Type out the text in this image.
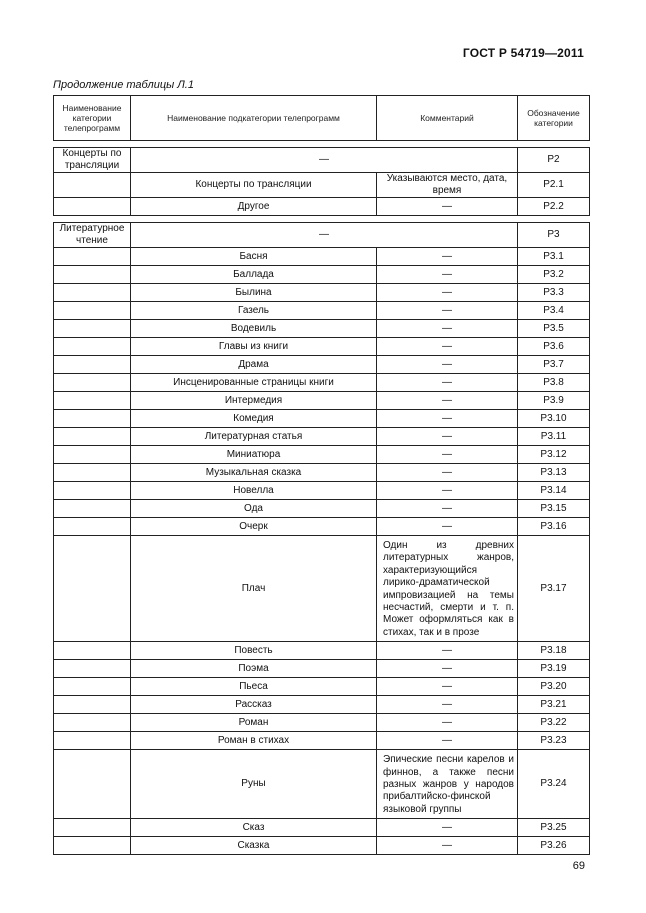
ГОСТ Р 54719—2011
Продолжение таблицы Л.1
Наименование категории телепрограмм	Наименование подкатегории телепрограмм	Комментарий	Обозначение категории

Концерты по трансляции	—		Р2
	Концерты по трансляции	Указываются место, дата, время	Р2.1
	Другое	—	Р2.2

Литературное чтение	—		Р3
	Басня	—	Р3.1
	Баллада	—	Р3.2
	Былина	—	Р3.3
	Газель	—	Р3.4
	Водевиль	—	Р3.5
	Главы из книги	—	Р3.6
	Драма	—	Р3.7
	Инсценированные страницы книги	—	Р3.8
	Интермедия	—	Р3.9
	Комедия	—	Р3.10
	Литературная статья	—	Р3.11
	Миниатюра	—	Р3.12
	Музыкальная сказка	—	Р3.13
	Новелла	—	Р3.14
	Ода	—	Р3.15
	Очерк	—	Р3.16
	Плач	Один из древних литературных жанров, характеризующийся лирико-драматической импровизацией на темы несчастий, смерти и т. п. Может оформляться как в стихах, так и в прозе	Р3.17
	Повесть	—	Р3.18
	Поэма	—	Р3.19
	Пьеса	—	Р3.20
	Рассказ	—	Р3.21
	Роман	—	Р3.22
	Роман в стихах	—	Р3.23
	Руны	Эпические песни карелов и финнов, а также песни разных жанров у народов прибалтийско-финской языковой группы	Р3.24
	Сказ	—	Р3.25
	Сказка	—	Р3.26
69
